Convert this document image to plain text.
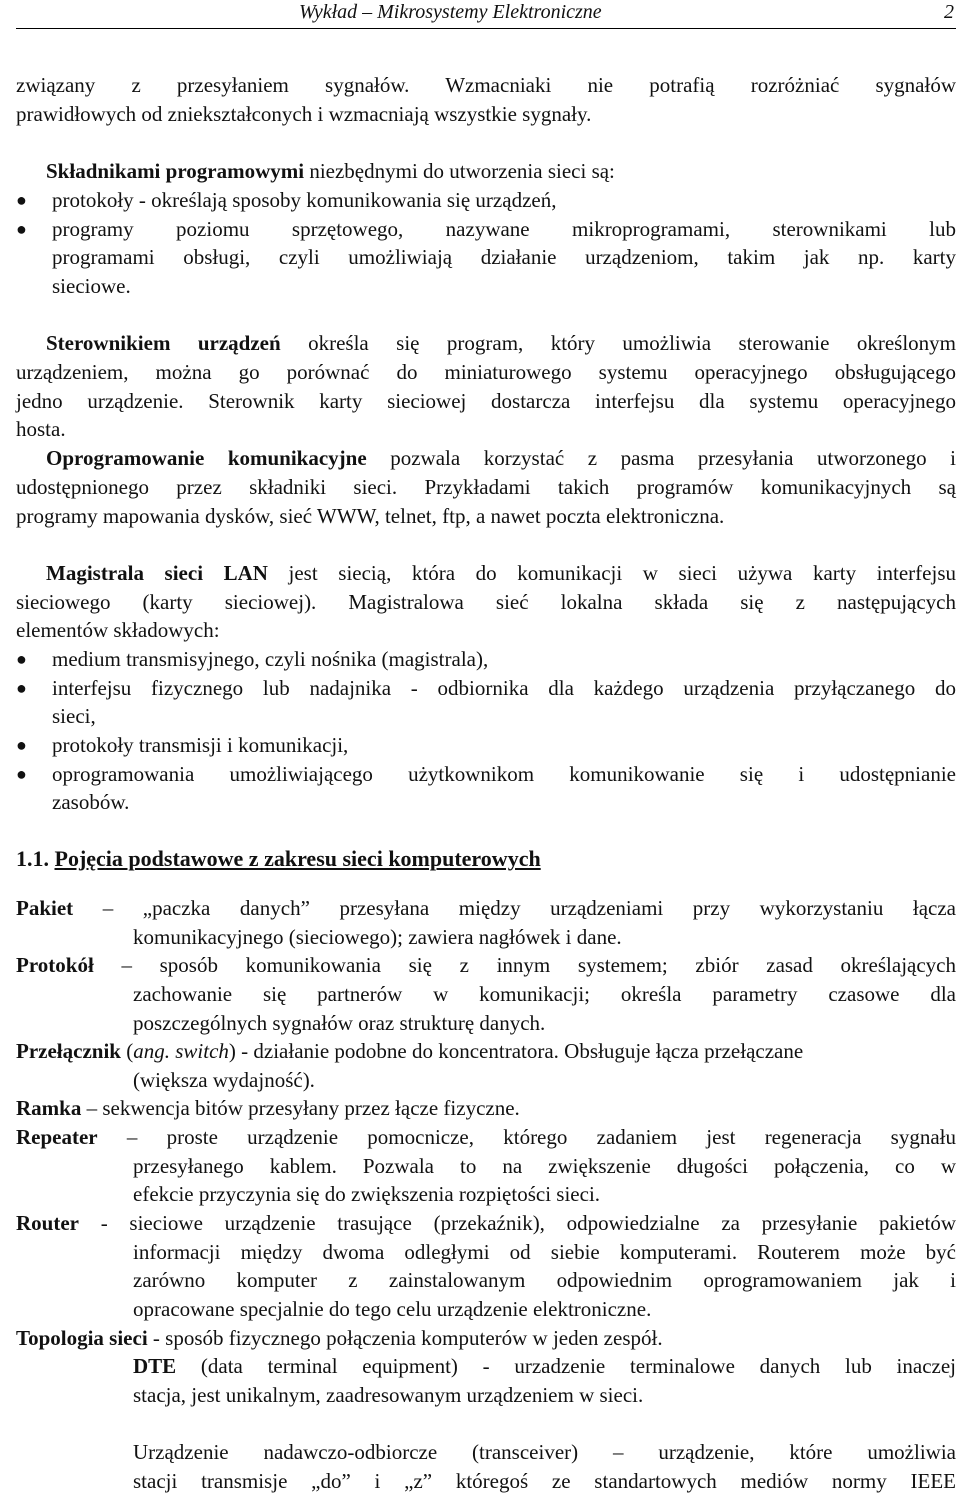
Wykład – Mikrosystemy Elektroniczne	2
związany z przesyłaniem sygnałów. Wzmacniaki nie potrafią rozróżniać sygnałów
prawidłowych od zniekształconych i wzmacniają wszystkie sygnały.
Składnikami programowymi niezbędnymi do utworzenia sieci są:
● protokoły - określają sposoby komunikowania się urządzeń,
● programy poziomu sprzętowego, nazywane mikroprogramami, sterownikami lub
programami obsługi, czyli umożliwiają działanie urządzeniom, takim jak np. karty
sieciowe.
Sterownikiem urządzeń określa się program, który umożliwia sterowanie określonym
urządzeniem, można go porównać do miniaturowego systemu operacyjnego obsługującego
jedno urządzenie. Sterownik karty sieciowej dostarcza interfejsu dla systemu operacyjnego
hosta.
Oprogramowanie komunikacyjne pozwala korzystać z pasma przesyłania utworzonego i
udostępnionego przez składniki sieci. Przykładami takich programów komunikacyjnych są
programy mapowania dysków, sieć WWW, telnet, ftp, a nawet poczta elektroniczna.
Magistrala sieci LAN jest siecią, która do komunikacji w sieci używa karty interfejsu
sieciowego (karty sieciowej). Magistralowa sieć lokalna składa się z następujących
elementów składowych:
● medium transmisyjnego, czyli nośnika (magistrala),
● interfejsu fizycznego lub nadajnika - odbiornika dla każdego urządzenia przyłączanego do
sieci,
● protokoły transmisji i komunikacji,
● oprogramowania umożliwiającego użytkownikom komunikowanie się i udostępnianie
zasobów.
1.1. Pojęcia podstawowe z zakresu sieci komputerowych
Pakiet – „paczka danych” przesyłana między urządzeniami przy wykorzystaniu łącza
komunikacyjnego (sieciowego); zawiera nagłówek i dane.
Protokół – sposób komunikowania się z innym systemem; zbiór zasad określających
zachowanie się partnerów w komunikacji; określa parametry czasowe dla
poszczególnych sygnałów oraz strukturę danych.
Przełącznik (ang. switch) - działanie podobne do koncentratora. Obsługuje łącza przełączane
(większa wydajność).
Ramka – sekwencja bitów przesyłany przez łącze fizyczne.
Repeater – proste urządzenie pomocnicze, którego zadaniem jest regeneracja sygnału
przesyłanego kablem. Pozwala to na zwiększenie długości połączenia, co w
efekcie przyczynia się do zwiększenia rozpiętości sieci.
Router - sieciowe urządzenie trasujące (przekaźnik), odpowiedzialne za przesyłanie pakietów
informacji między dwoma odległymi od siebie komputerami. Routerem może być
zarówno komputer z zainstalowanym odpowiednim oprogramowaniem jak i
opracowane specjalnie do tego celu urządzenie elektroniczne.
Topologia sieci - sposób fizycznego połączenia komputerów w jeden zespół.
DTE (data terminal equipment) - urzadzenie terminalowe danych lub inaczej
stacja, jest unikalnym, zaadresowanym urządzeniem w sieci.
Urządzenie nadawczo-odbiorcze (transceiver) – urządzenie, które umożliwia
stacji transmisje „do” i „z” któregoś ze standartowych mediów normy IEEE
